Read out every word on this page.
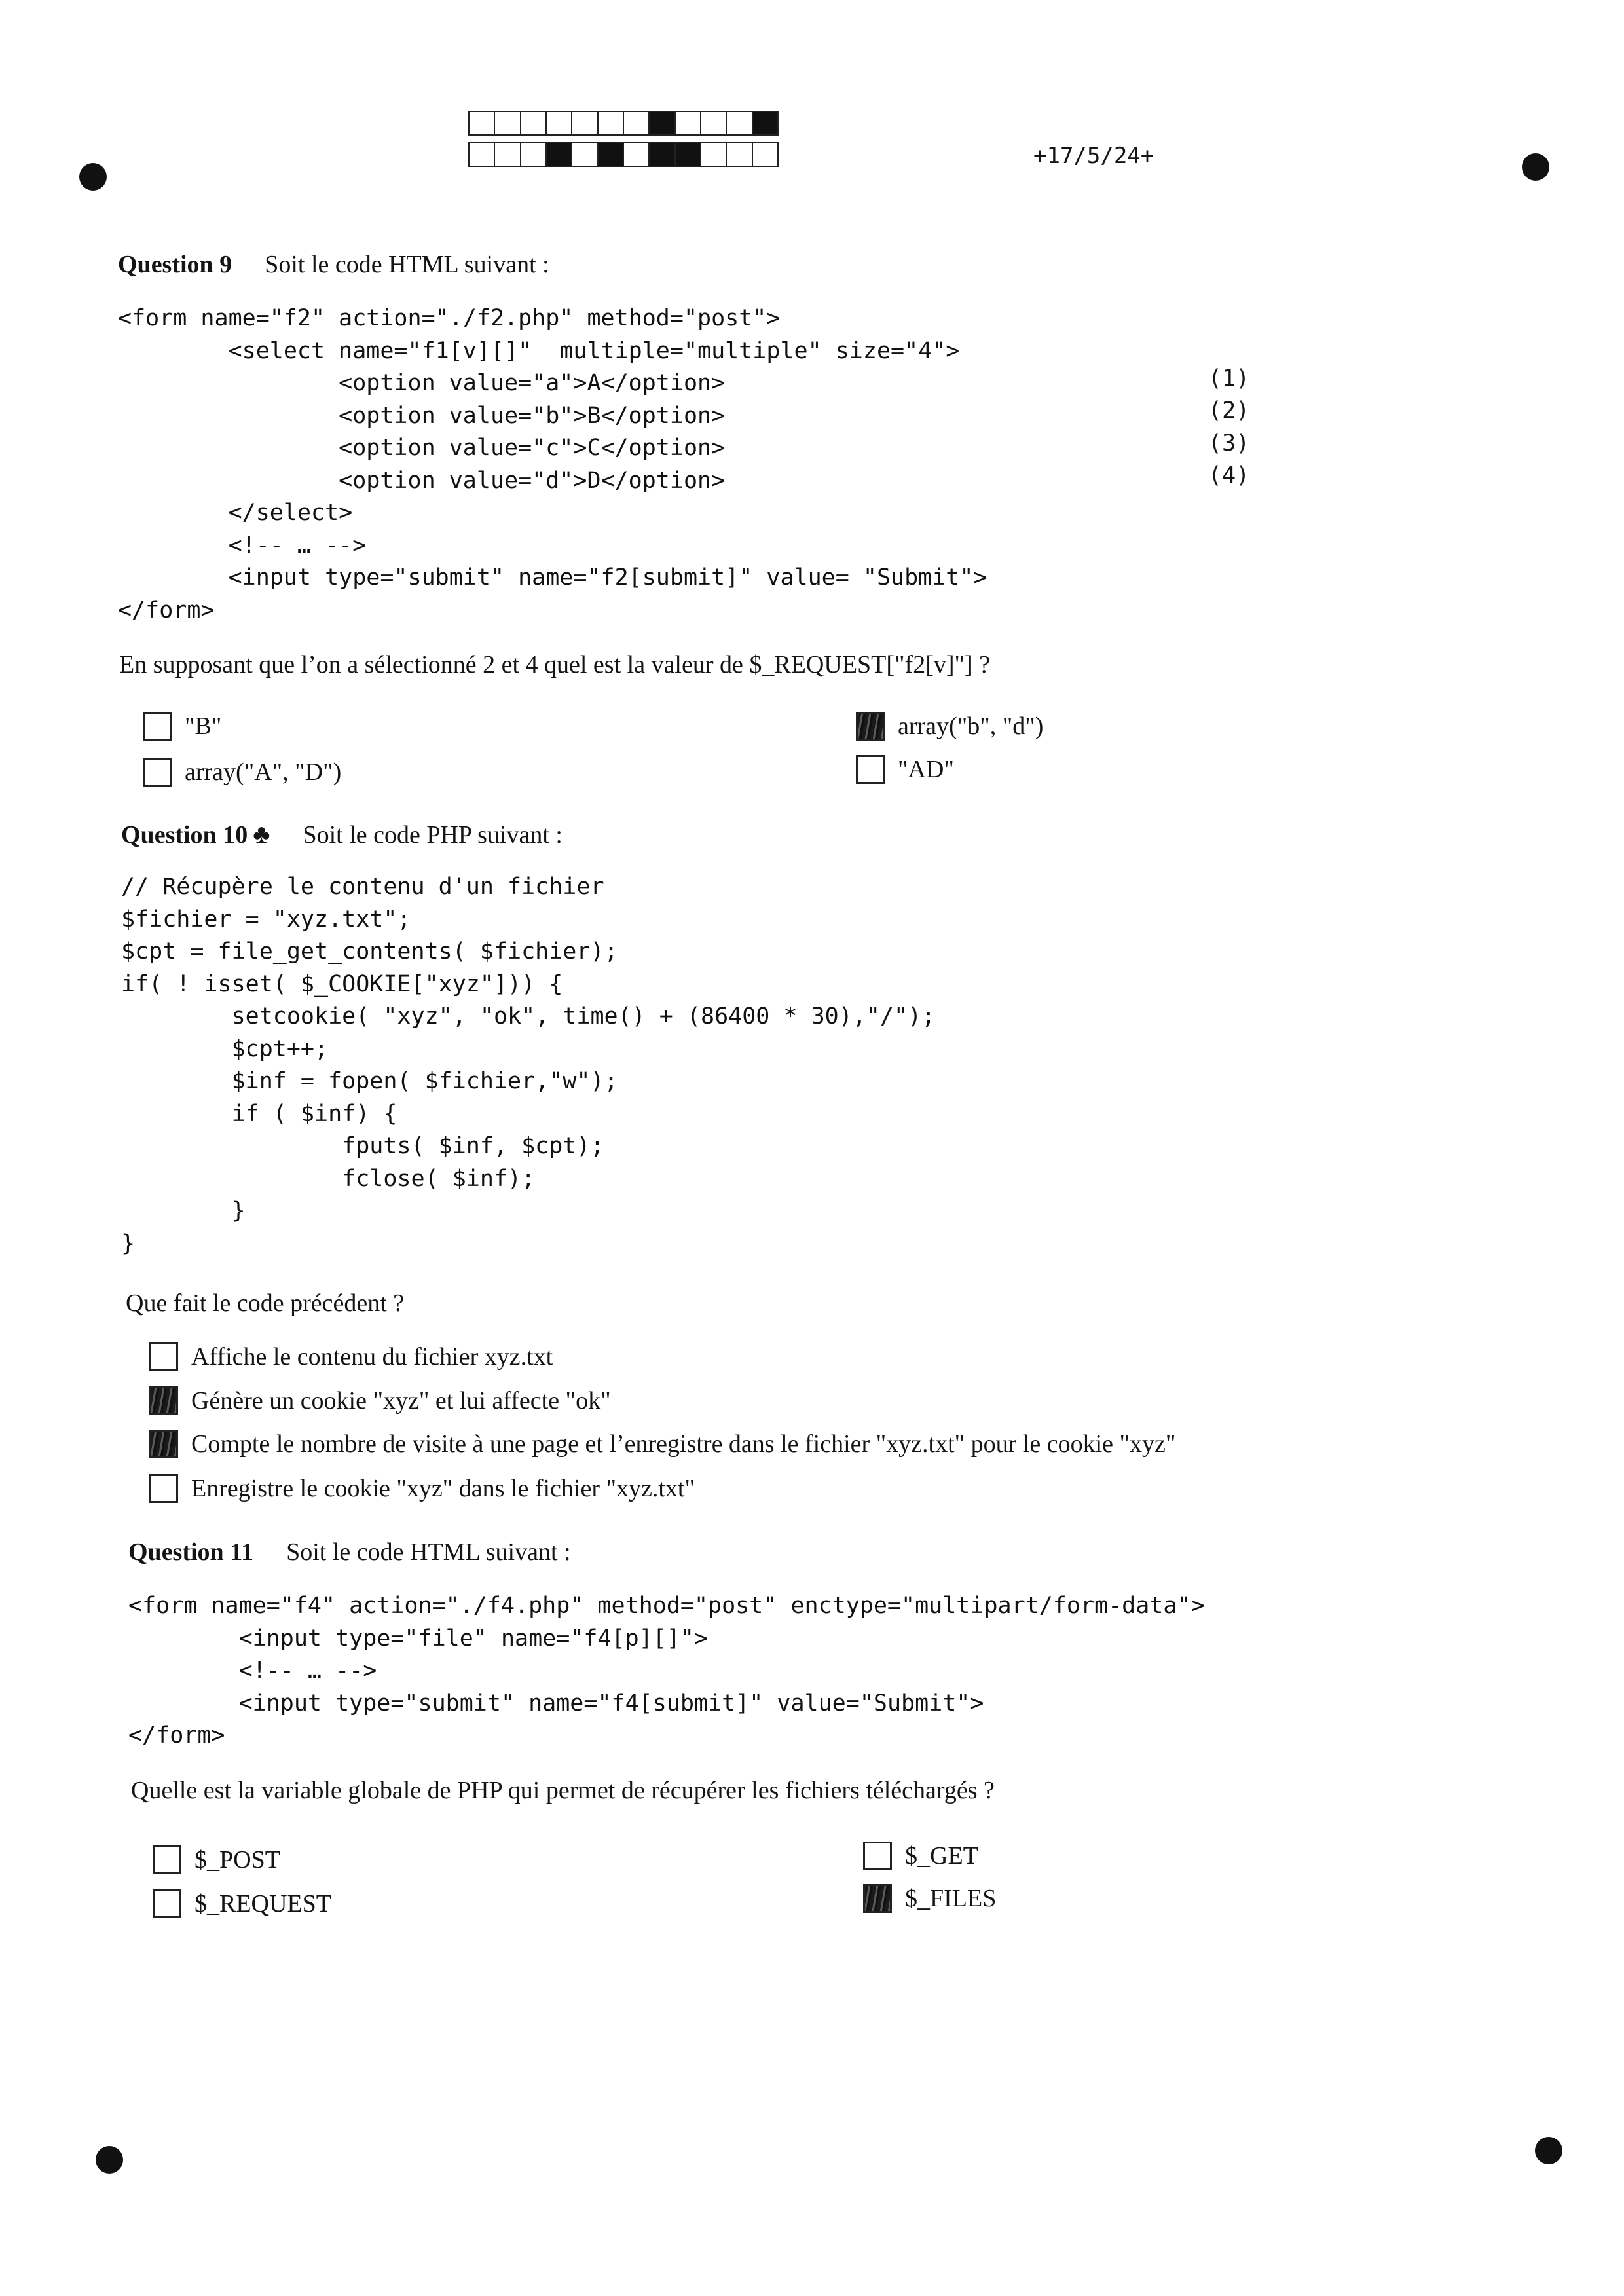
+17/5/24+
Question 9 Soit le code HTML suivant :
<form name="f2" action="./f2.php" method="post">
<select name="f1[v][]"  multiple="multiple" size="4">
<option value="a">A</option>
<option value="b">B</option>
<option value="c">C</option>
<option value="d">D</option>
</select>
<!-- … -->
<input type="submit" name="f2[submit]" value= "Submit">
</form>
(1)
(2)
(3)
(4)
En supposant que l’on a sélectionné 2 et 4 quel est la valeur de $_REQUEST["f2[v]"] ?
"B"
array("A", "D")
array("b", "d")
"AD"
Question 10 ♣ Soit le code PHP suivant :
// Récupère le contenu d'un fichier
$fichier = "xyz.txt";
$cpt = file_get_contents( $fichier);
if( ! isset( $_COOKIE["xyz"])) {
setcookie( "xyz", "ok", time() + (86400 * 30),"/");
$cpt++;
$inf = fopen( $fichier,"w");
if ( $inf) {
fputs( $inf, $cpt);
fclose( $inf);
}
}
Que fait le code précédent ?
Affiche le contenu du fichier xyz.txt
Génère un cookie "xyz" et lui affecte "ok"
Compte le nombre de visite à une page et l’enregistre dans le fichier "xyz.txt" pour le cookie "xyz"
Enregistre le cookie "xyz" dans le fichier "xyz.txt"
Question 11 Soit le code HTML suivant :
<form name="f4" action="./f4.php" method="post" enctype="multipart/form-data">
<input type="file" name="f4[p][]">
<!-- … -->
<input type="submit" name="f4[submit]" value="Submit">
</form>
Quelle est la variable globale de PHP qui permet de récupérer les fichiers téléchargés ?
$_POST
$_REQUEST
$_GET
$_FILES
